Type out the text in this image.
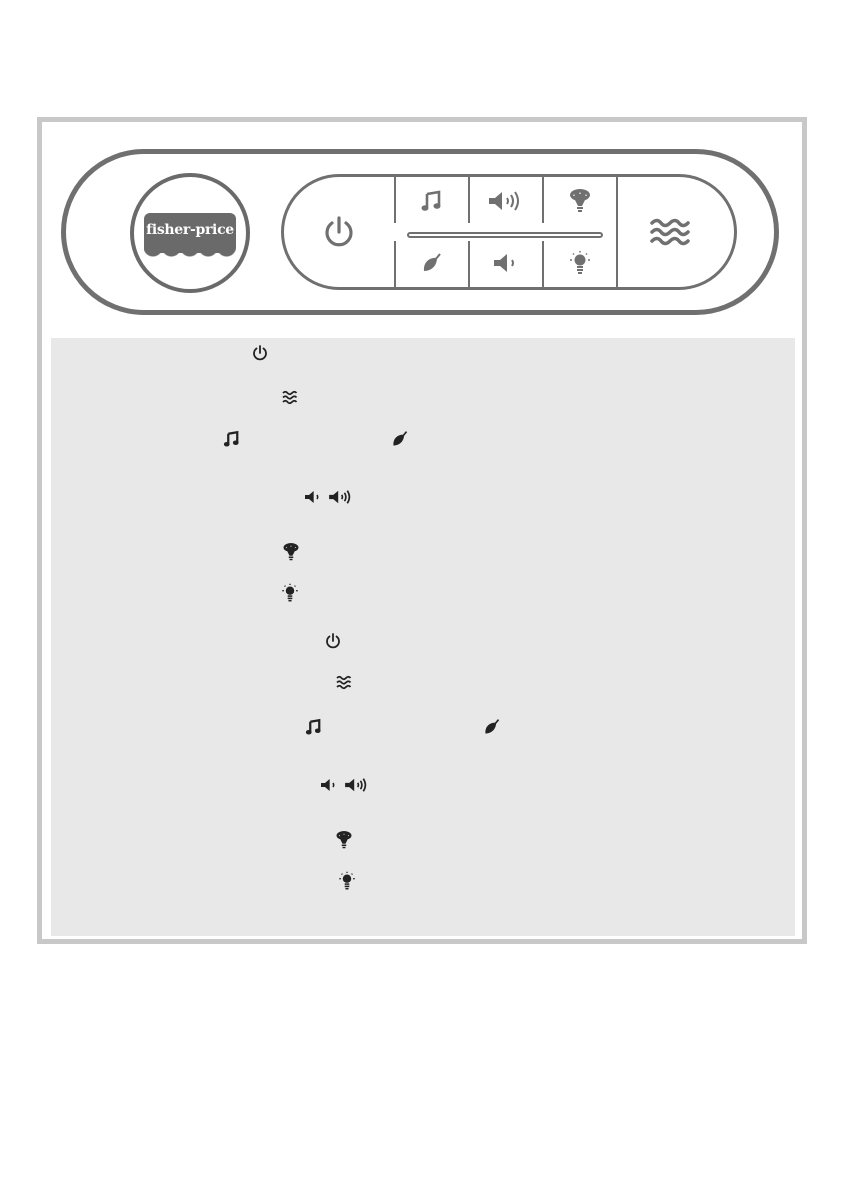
fisher-price
